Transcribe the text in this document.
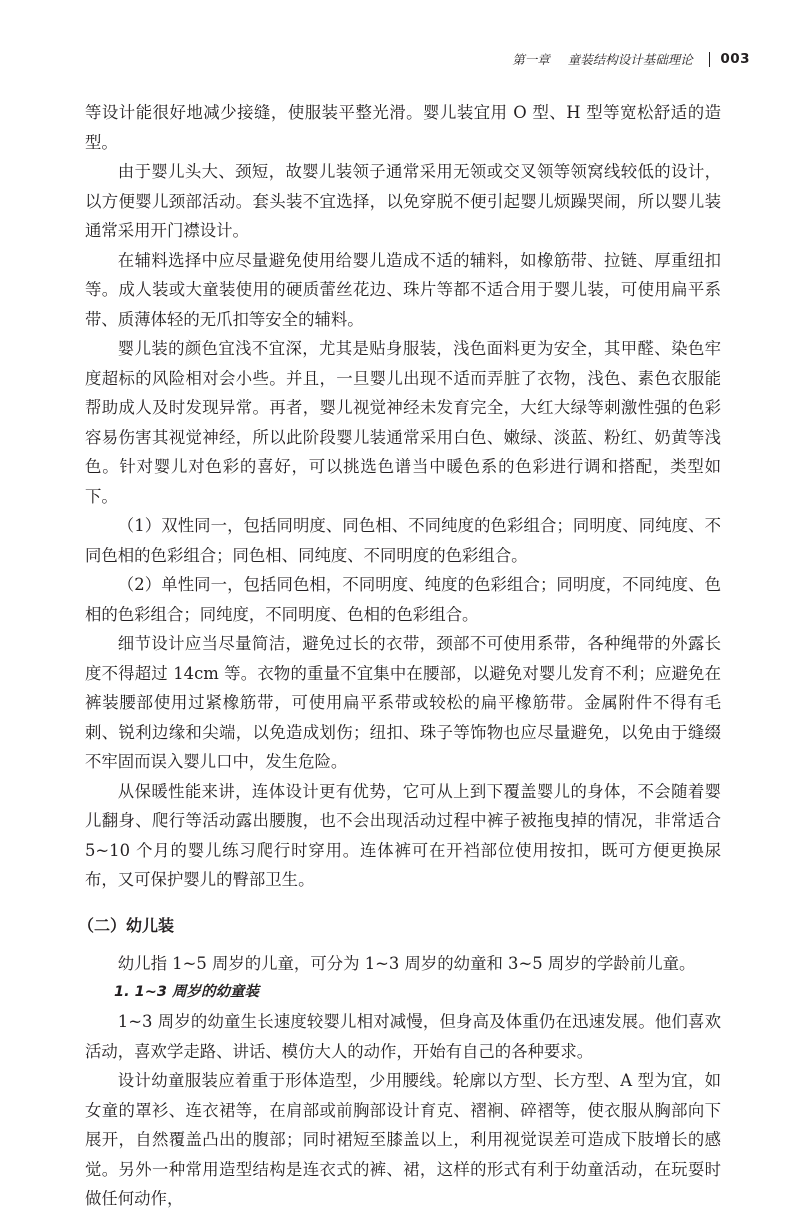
第一章 童装结构设计基础理论 003

等设计能很好地减少接缝，使服装平整光滑。婴儿装宜用 O 型、H 型等宽松舒适的造型。

由于婴儿头大、颈短，故婴儿装领子通常采用无领或交叉领等领窝线较低的设计，以方便婴儿颈部活动。套头装不宜选择，以免穿脱不便引起婴儿烦躁哭闹，所以婴儿装通常采用开门襟设计。

在辅料选择中应尽量避免使用给婴儿造成不适的辅料，如橡筋带、拉链、厚重纽扣等。成人装或大童装使用的硬质蕾丝花边、珠片等都不适合用于婴儿装，可使用扁平系带、质薄体轻的无爪扣等安全的辅料。

婴儿装的颜色宜浅不宜深，尤其是贴身服装，浅色面料更为安全，其甲醛、染色牢度超标的风险相对会小些。并且，一旦婴儿出现不适而弄脏了衣物，浅色、素色衣服能帮助成人及时发现异常。再者，婴儿视觉神经未发育完全，大红大绿等刺激性强的色彩容易伤害其视觉神经，所以此阶段婴儿装通常采用白色、嫩绿、淡蓝、粉红、奶黄等浅色。针对婴儿对色彩的喜好，可以挑选色谱当中暖色系的色彩进行调和搭配，类型如下。

（1）双性同一，包括同明度、同色相、不同纯度的色彩组合；同明度、同纯度、不同色相的色彩组合；同色相、同纯度、不同明度的色彩组合。

（2）单性同一，包括同色相，不同明度、纯度的色彩组合；同明度，不同纯度、色相的色彩组合；同纯度，不同明度、色相的色彩组合。

细节设计应当尽量简洁，避免过长的衣带，颈部不可使用系带，各种绳带的外露长度不得超过 14cm 等。衣物的重量不宜集中在腰部，以避免对婴儿发育不利；应避免在裤装腰部使用过紧橡筋带，可使用扁平系带或较松的扁平橡筋带。金属附件不得有毛刺、锐利边缘和尖端，以免造成划伤；纽扣、珠子等饰物也应尽量避免，以免由于缝缀不牢固而误入婴儿口中，发生危险。

从保暖性能来讲，连体设计更有优势，它可从上到下覆盖婴儿的身体，不会随着婴儿翻身、爬行等活动露出腰腹，也不会出现活动过程中裤子被拖曳掉的情况，非常适合 5~10 个月的婴儿练习爬行时穿用。连体裤可在开裆部位使用按扣，既可方便更换尿布，又可保护婴儿的臀部卫生。

（二）幼儿装

幼儿指 1~5 周岁的儿童，可分为 1~3 周岁的幼童和 3~5 周岁的学龄前儿童。

1. 1~3 周岁的幼童装

1~3 周岁的幼童生长速度较婴儿相对减慢，但身高及体重仍在迅速发展。他们喜欢活动，喜欢学走路、讲话、模仿大人的动作，开始有自己的各种要求。

设计幼童服装应着重于形体造型，少用腰线。轮廓以方型、长方型、A 型为宜，如女童的罩衫、连衣裙等，在肩部或前胸部设计育克、褶裥、碎褶等，使衣服从胸部向下展开，自然覆盖凸出的腹部；同时裙短至膝盖以上，利用视觉误差可造成下肢增长的感觉。另外一种常用造型结构是连衣式的裤、裙，这样的形式有利于幼童活动，在玩耍时做任何动作，
